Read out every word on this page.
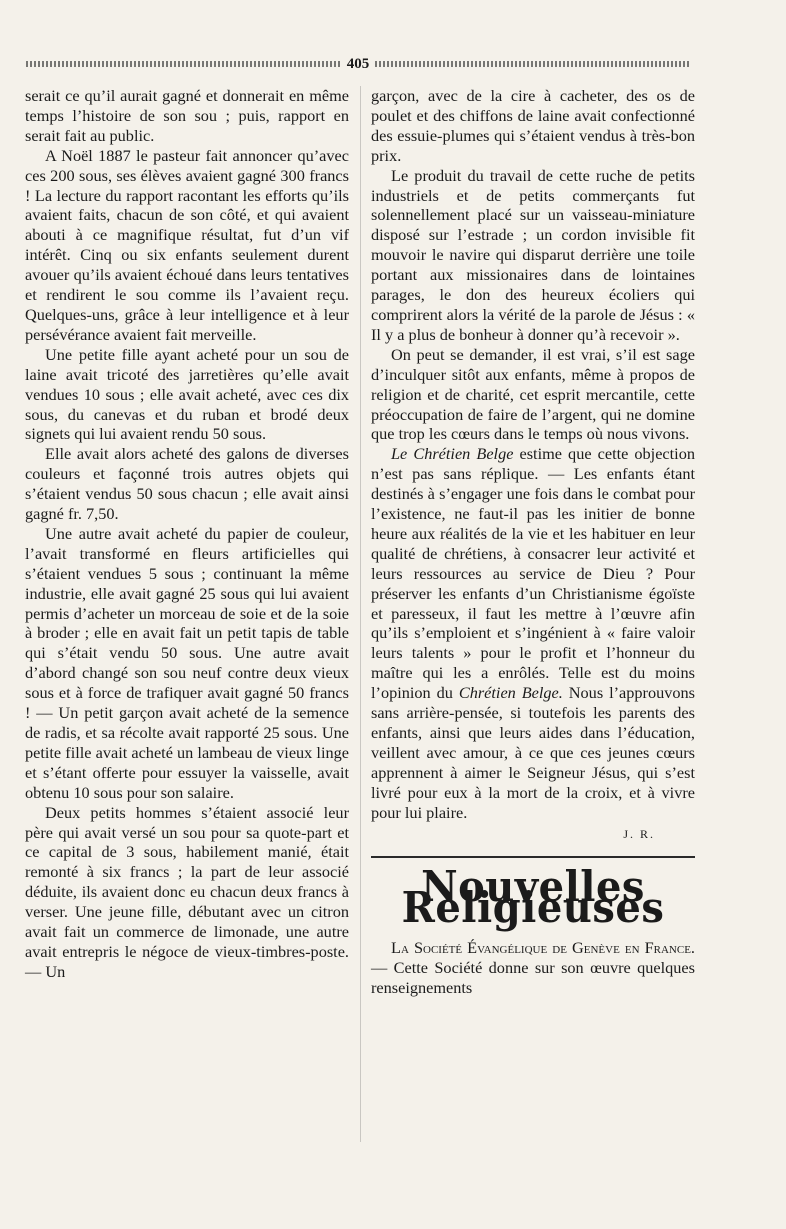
405

serait ce qu’il aurait gagné et donnerait en même temps l’histoire de son sou ; puis, rapport en serait fait au public.

A Noël 1887 le pasteur fait annoncer qu’avec ces 200 sous, ses élèves avaient gagné 300 francs ! La lecture du rapport racontant les efforts qu’ils avaient faits, chacun de son côté, et qui avaient abouti à ce magnifique résultat, fut d’un vif intérêt. Cinq ou six enfants seulement durent avouer qu’ils avaient échoué dans leurs tentatives et rendirent le sou comme ils l’avaient reçu. Quelques-uns, grâce à leur intelligence et à leur persévérance avaient fait merveille.

Une petite fille ayant acheté pour un sou de laine avait tricoté des jarretières qu’elle avait vendues 10 sous ; elle avait acheté, avec ces dix sous, du canevas et du ruban et brodé deux signets qui lui avaient rendu 50 sous.

Elle avait alors acheté des galons de diverses couleurs et façonné trois autres objets qui s’étaient vendus 50 sous chacun ; elle avait ainsi gagné fr. 7,50.

Une autre avait acheté du papier de couleur, l’avait transformé en fleurs artificielles qui s’étaient vendues 5 sous ; continuant la même industrie, elle avait gagné 25 sous qui lui avaient permis d’acheter un morceau de soie et de la soie à broder ; elle en avait fait un petit tapis de table qui s’était vendu 50 sous. Une autre avait d’abord changé son sou neuf contre deux vieux sous et à force de trafiquer avait gagné 50 francs ! — Un petit garçon avait acheté de la semence de radis, et sa récolte avait rapporté 25 sous. Une petite fille avait acheté un lambeau de vieux linge et s’étant offerte pour essuyer la vaisselle, avait obtenu 10 sous pour son salaire.

Deux petits hommes s’étaient associé leur père qui avait versé un sou pour sa quote-part et ce capital de 3 sous, habilement manié, était remonté à six francs ; la part de leur associé déduite, ils avaient donc eu chacun deux francs à verser. Une jeune fille, débutant avec un citron avait fait un commerce de limonade, une autre avait entrepris le négoce de vieux-timbres-poste. — Un

garçon, avec de la cire à cacheter, des os de poulet et des chiffons de laine avait confectionné des essuie-plumes qui s’étaient vendus à très-bon prix.

Le produit du travail de cette ruche de petits industriels et de petits commerçants fut solennellement placé sur un vaisseau-miniature disposé sur l’estrade ; un cordon invisible fit mouvoir le navire qui disparut derrière une toile portant aux missionaires dans de lointaines parages, le don des heureux écoliers qui comprirent alors la vérité de la parole de Jésus : « Il y a plus de bonheur à donner qu’à recevoir ».

On peut se demander, il est vrai, s’il est sage d’inculquer sitôt aux enfants, même à propos de religion et de charité, cet esprit mercantile, cette préoccupation de faire de l’argent, qui ne domine que trop les cœurs dans le temps où nous vivons.

Le Chrétien Belge estime que cette objection n’est pas sans réplique. — Les enfants étant destinés à s’engager une fois dans le combat pour l’existence, ne faut-il pas les initier de bonne heure aux réalités de la vie et les habituer en leur qualité de chrétiens, à consacrer leur activité et leurs ressources au service de Dieu ? Pour préserver les enfants d’un Christianisme égoïste et paresseux, il faut les mettre à l’œuvre afin qu’ils s’emploient et s’ingénient à « faire valoir leurs talents » pour le profit et l’honneur du maître qui les a enrôlés. Telle est du moins l’opinion du Chrétien Belge. Nous l’approuvons sans arrière-pensée, si toutefois les parents des enfants, ainsi que leurs aides dans l’éducation, veillent avec amour, à ce que ces jeunes cœurs apprennent à aimer le Seigneur Jésus, qui s’est livré pour eux à la mort de la croix, et à vivre pour lui plaire.

J. R.
Nouvelles Religieuses

La Société Évangélique de Genève en France. — Cette Société donne sur son œuvre quelques renseignements
